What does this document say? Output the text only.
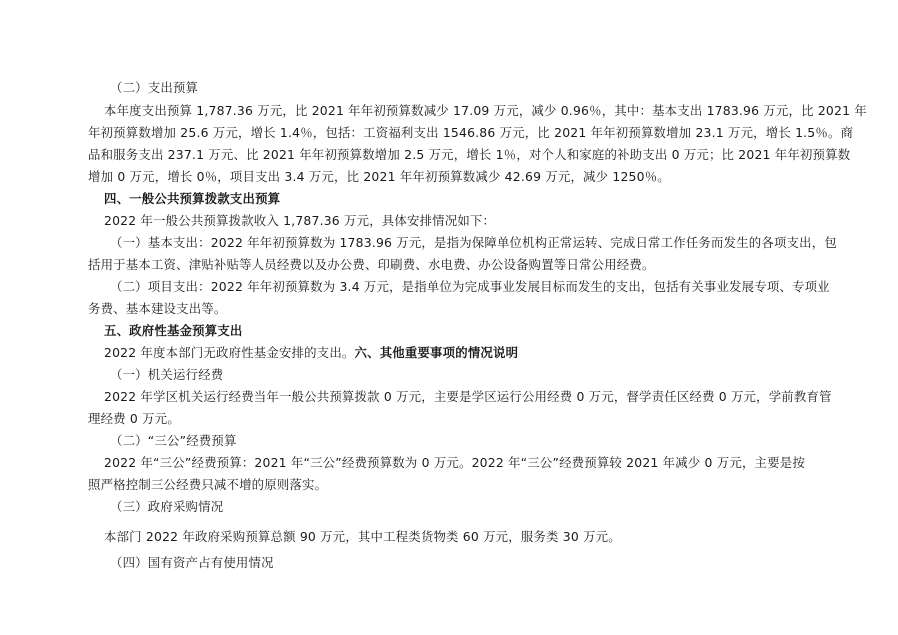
（二）支出预算
本年度支出预算 1,787.36 万元，比 2021 年年初预算数减少 17.09 万元，减少 0.96％，其中：基本支出 1783.96 万元，比 2021 年
年初预算数增加 25.6 万元，增长 1.4％，包括：工资福利支出 1546.86 万元，比 2021 年年初预算数增加 23.1 万元，增长 1.5％。商
品和服务支出 237.1 万元、比 2021 年年初预算数增加 2.5 万元，增长 1％，对个人和家庭的补助支出 0 万元；比 2021 年年初预算数
增加 0 万元，增长 0％，项目支出 3.4 万元，比 2021 年年初预算数减少 42.69 万元，减少 1250％。
四、一般公共预算拨款支出预算
2022 年一般公共预算拨款收入 1,787.36 万元，具体安排情况如下：
（一）基本支出：2022 年年初预算数为 1783.96 万元，是指为保障单位机构正常运转、完成日常工作任务而发生的各项支出，包
括用于基本工资、津贴补贴等人员经费以及办公费、印刷费、水电费、办公设备购置等日常公用经费。
（二）项目支出：2022 年年初预算数为 3.4 万元，是指单位为完成事业发展目标而发生的支出，包括有关事业发展专项、专项业
务费、基本建设支出等。
五、政府性基金预算支出
2022 年度本部门无政府性基金安排的支出。六、其他重要事项的情况说明
（一）机关运行经费
2022 年学区机关运行经费当年一般公共预算拨款 0 万元，主要是学区运行公用经费 0 万元，督学责任区经费 0 万元，学前教育管
理经费 0 万元。
（二）“三公”经费预算
2022 年“三公”经费预算：2021 年“三公”经费预算数为 0 万元。2022 年“三公”经费预算较 2021 年减少 0 万元，主要是按
照严格控制三公经费只减不增的原则落实。
（三）政府采购情况
本部门 2022 年政府采购预算总额 90 万元，其中工程类货物类 60 万元，服务类 30 万元。
（四）国有资产占有使用情况
